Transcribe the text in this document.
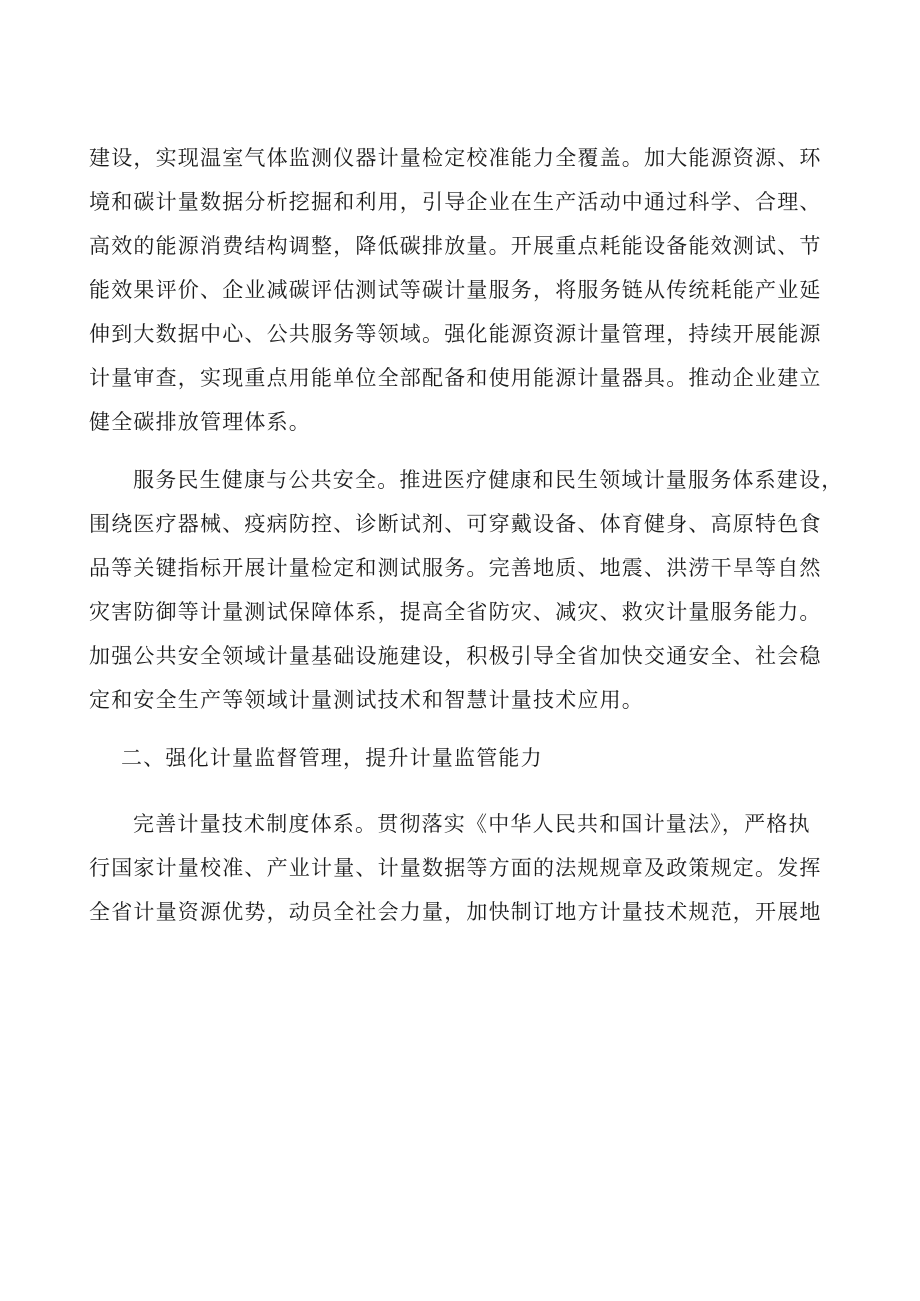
建设，实现温室气体监测仪器计量检定校准能力全覆盖。加大能源资源、环
境和碳计量数据分析挖掘和利用，引导企业在生产活动中通过科学、合理、
高效的能源消费结构调整，降低碳排放量。开展重点耗能设备能效测试、节
能效果评价、企业减碳评估测试等碳计量服务，将服务链从传统耗能产业延
伸到大数据中心、公共服务等领域。强化能源资源计量管理，持续开展能源
计量审查，实现重点用能单位全部配备和使用能源计量器具。推动企业建立
健全碳排放管理体系。
服务民生健康与公共安全。推进医疗健康和民生领域计量服务体系建设，
围绕医疗器械、疫病防控、诊断试剂、可穿戴设备、体育健身、高原特色食
品等关键指标开展计量检定和测试服务。完善地质、地震、洪涝干旱等自然
灾害防御等计量测试保障体系，提高全省防灾、减灾、救灾计量服务能力。
加强公共安全领域计量基础设施建设，积极引导全省加快交通安全、社会稳
定和安全生产等领域计量测试技术和智慧计量技术应用。
二、强化计量监督管理，提升计量监管能力
完善计量技术制度体系。贯彻落实《中华人民共和国计量法》，严格执
行国家计量校准、产业计量、计量数据等方面的法规规章及政策规定。发挥
全省计量资源优势，动员全社会力量，加快制订地方计量技术规范，开展地
